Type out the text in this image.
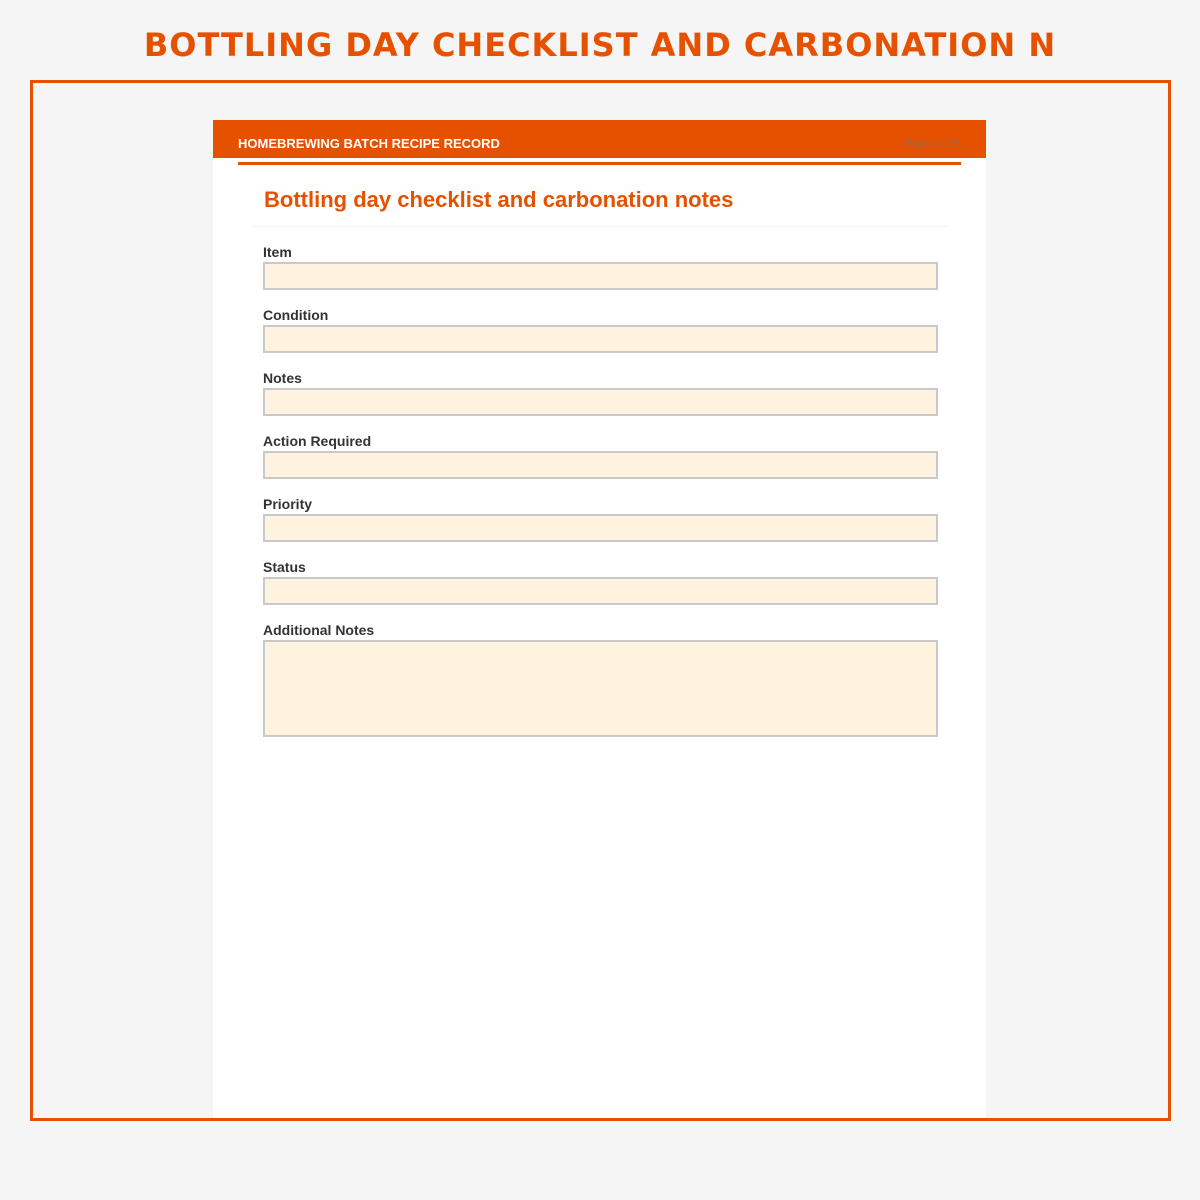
BOTTLING DAY CHECKLIST AND CARBONATION N
HOMEBREWING BATCH RECIPE RECORD	Page 4 of 5
Bottling day checklist and carbonation notes
Item
Condition
Notes
Action Required
Priority
Status
Additional Notes
